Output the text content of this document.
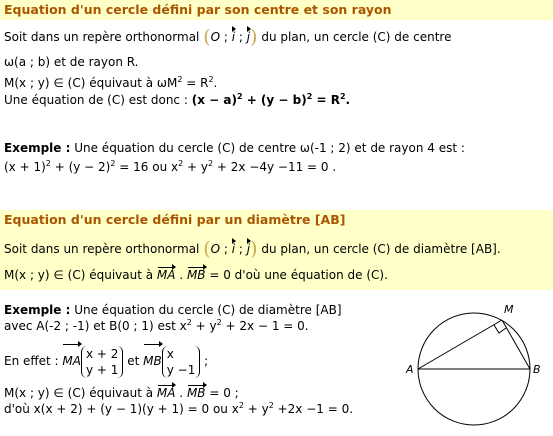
Equation d'un cercle défini par son centre et son rayon
Soit dans un repère orthonormal (O ; i ; j) du plan, un cercle (C) de centre
ω(a ; b) et de rayon R.
M(x ; y) ∈ (C) équivaut à $\omega M^2 = R^2$.
Une équation de (C) est donc : $(x - a)^2 + (y - b)^2 = R^2$.
Exemple : Une équation du cercle (C) de centre ω(-1 ; 2) et de rayon 4 est :
$(x + 1)^2 + (y - 2)^2 = 16$ ou $x^2 + y^2 + 2x -4y -11 = 0$ .
Equation d'un cercle défini par un diamètre [AB]
Soit dans un repère orthonormal (O ; i ; j) du plan, un cercle (C) de diamètre [AB].
M(x ; y) ∈ (C) équivaut à MA . MB = 0 d'où une équation de (C).
Exemple : Une équation du cercle (C) de diamètre [AB]
avec A(-2 ; -1) et B(0 ; 1) est $x^2 + y^2 + 2x - 1 = 0$.
En effet : MAx + 2
y + 1 et MBx
y −1 ;
M(x ; y) ∈ (C) équivaut à MA . MB = 0 ;
d'où x(x + 2) + (y − 1)(y + 1) = 0 ou $x^2 + y^2 +2x -1 = 0$.
A	B
M
